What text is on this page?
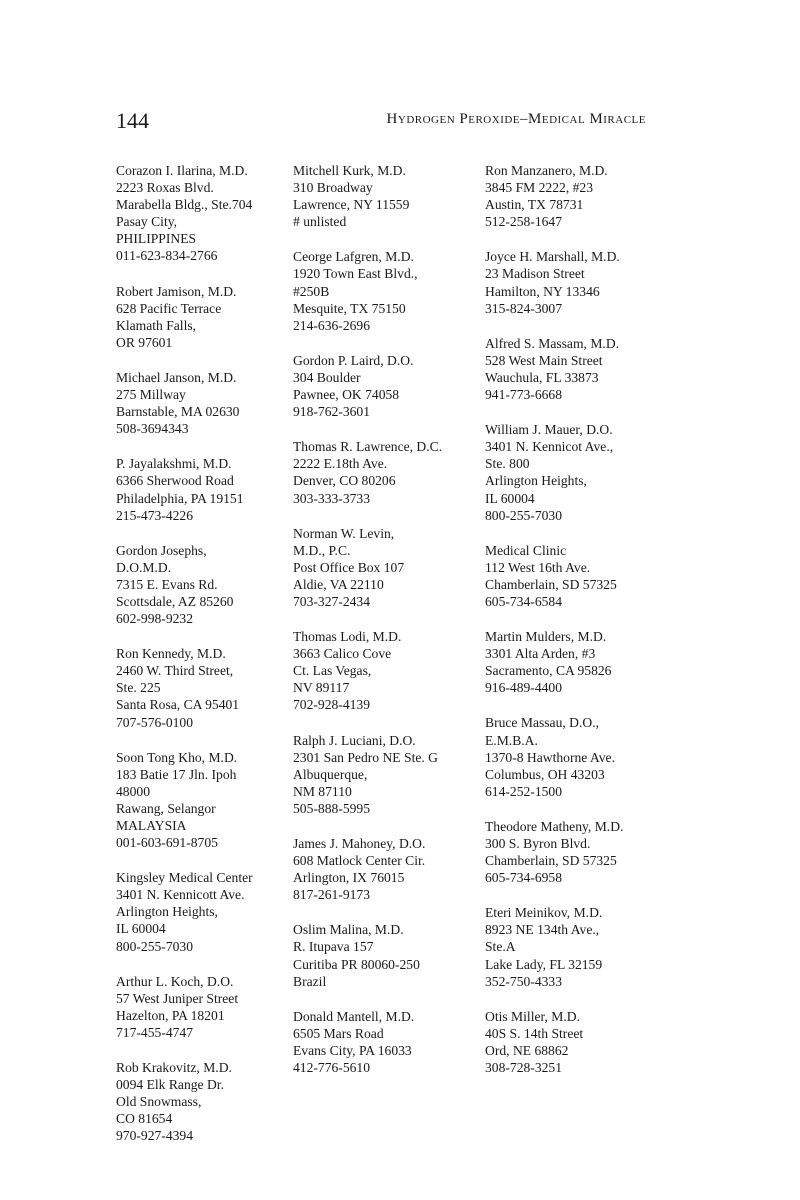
144	Hydrogen Peroxide–Medical Miracle
Corazon I. Ilarina, M.D.
2223 Roxas Blvd.
Marabella Bldg., Ste.704
Pasay City,
PHILIPPINES
011-623-834-2766
Robert Jamison, M.D.
628 Pacific Terrace
Klamath Falls,
OR 97601
Michael Janson, M.D.
275 Millway
Barnstable, MA 02630
508-3694343
P. Jayalakshmi, M.D.
6366 Sherwood Road
Philadelphia, PA 19151
215-473-4226
Gordon Josephs,
D.O.M.D.
7315 E. Evans Rd.
Scottsdale, AZ 85260
602-998-9232
Ron Kennedy, M.D.
2460 W. Third Street,
Ste. 225
Santa Rosa, CA 95401
707-576-0100
Soon Tong Kho, M.D.
183 Batie 17 Jln. Ipoh
48000
Rawang, Selangor
MALAYSIA
001-603-691-8705
Kingsley Medical Center
3401 N. Kennicott Ave.
Arlington Heights,
IL 60004
800-255-7030
Arthur L. Koch, D.O.
57 West Juniper Street
Hazelton, PA 18201
717-455-4747
Rob Krakovitz, M.D.
0094 Elk Range Dr.
Old Snowmass,
CO 81654
970-927-4394
Mitchell Kurk, M.D.
310 Broadway
Lawrence, NY 11559
# unlisted
Ceorge Lafgren, M.D.
1920 Town East Blvd.,
#250B
Mesquite, TX 75150
214-636-2696
Gordon P. Laird, D.O.
304 Boulder
Pawnee, OK 74058
918-762-3601
Thomas R. Lawrence, D.C.
2222 E.18th Ave.
Denver, CO 80206
303-333-3733
Norman W. Levin,
M.D., P.C.
Post Office Box 107
Aldie, VA 22110
703-327-2434
Thomas Lodi, M.D.
3663 Calico Cove
Ct. Las Vegas,
NV 89117
702-928-4139
Ralph J. Luciani, D.O.
2301 San Pedro NE Ste. G
Albuquerque,
NM 87110
505-888-5995
James J. Mahoney, D.O.
608 Matlock Center Cir.
Arlington, IX 76015
817-261-9173
Oslim Malina, M.D.
R. Itupava 157
Curitiba PR 80060-250
Brazil
Donald Mantell, M.D.
6505 Mars Road
Evans City, PA 16033
412-776-5610
Ron Manzanero, M.D.
3845 FM 2222, #23
Austin, TX 78731
512-258-1647
Joyce H. Marshall, M.D.
23 Madison Street
Hamilton, NY 13346
315-824-3007
Alfred S. Massam, M.D.
528 West Main Street
Wauchula, FL 33873
941-773-6668
William J. Mauer, D.O.
3401 N. Kennicot Ave.,
Ste. 800
Arlington Heights,
IL 60004
800-255-7030
Medical Clinic
112 West 16th Ave.
Chamberlain, SD 57325
605-734-6584
Martin Mulders, M.D.
3301 Alta Arden, #3
Sacramento, CA 95826
916-489-4400
Bruce Massau, D.O.,
E.M.B.A.
1370-8 Hawthorne Ave.
Columbus, OH 43203
614-252-1500
Theodore Matheny, M.D.
300 S. Byron Blvd.
Chamberlain, SD 57325
605-734-6958
Eteri Meinikov, M.D.
8923 NE 134th Ave.,
Ste.A
Lake Lady, FL 32159
352-750-4333
Otis Miller, M.D.
40S S. 14th Street
Ord, NE 68862
308-728-3251
